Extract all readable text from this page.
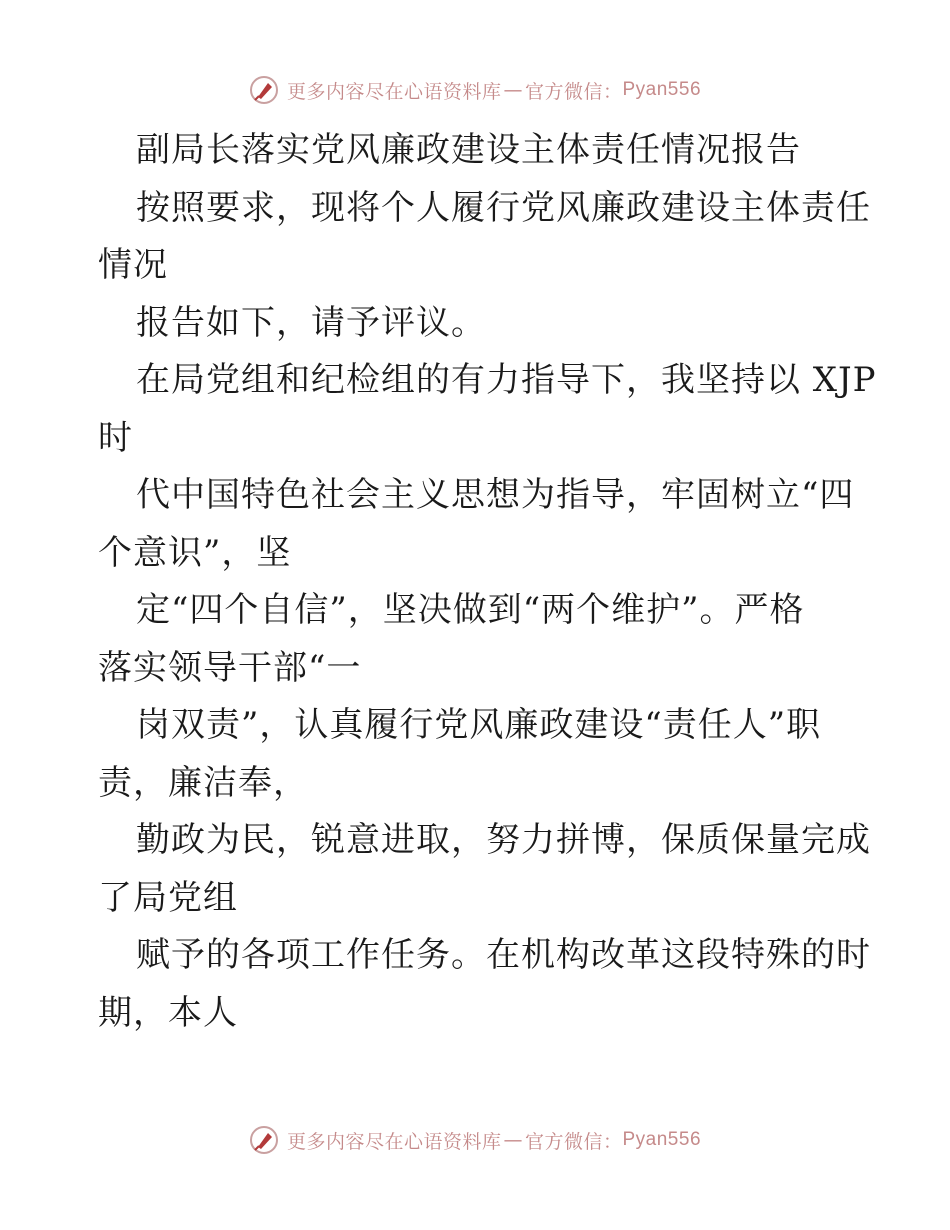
更多内容尽在心语资料库 — 官方微信： Pyan556
副局长落实党风廉政建设主体责任情况报告
按照要求，现将个人履行党风廉政建设主体责任
情况
报告如下，请予评议。
在局党组和纪检组的有力指导下，我坚持以 XJP
时
代中国特色社会主义思想为指导，牢固树立“四
个意识”，坚
定“四个自信”，坚决做到“两个维护”。严格
落实领导干部“一
岗双责”，认真履行党风廉政建设“责任人”职
责，廉洁奉，
勤政为民，锐意进取，努力拼博，保质保量完成
了局党组
赋予的各项工作任务。在机构改革这段特殊的时
期，本人
更多内容尽在心语资料库 — 官方微信： Pyan556
